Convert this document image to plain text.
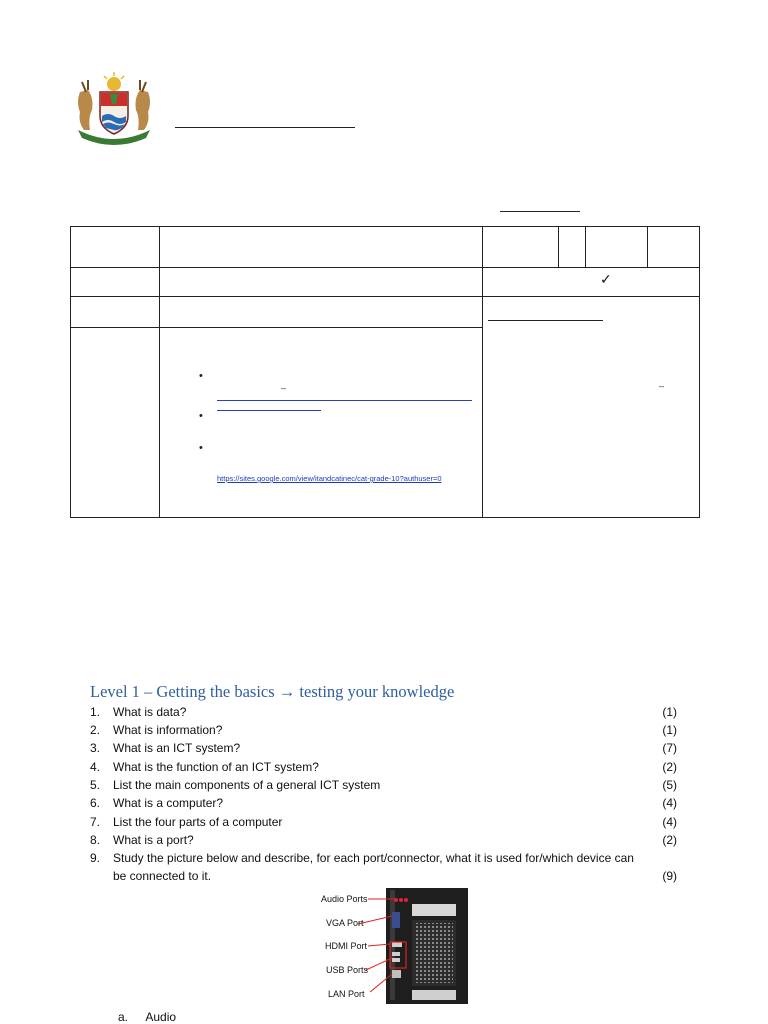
✓
_	_
•
•
•
https://sites.google.com/view/itandcatinec/cat-grade-10?authuser=0
Level 1 – Getting the basics → testing your knowledge
1.	What is data?	(1)
2.	What is information?	(1)
3.	What is an ICT system?	(7)
4.	What is the function of an ICT system?	(2)
5.	List the main components of a general ICT system	(5)
6.	What is a computer?	(4)
7.	List the four parts of a computer	(4)
8.	What is a port?	(2)
9.	Study the picture below and describe, for each port/connector, what it is used for/which device can
be connected to it.	(9)
Audio Ports
VGA Port
HDMI Port
USB Ports
LAN Port
a. Audio
